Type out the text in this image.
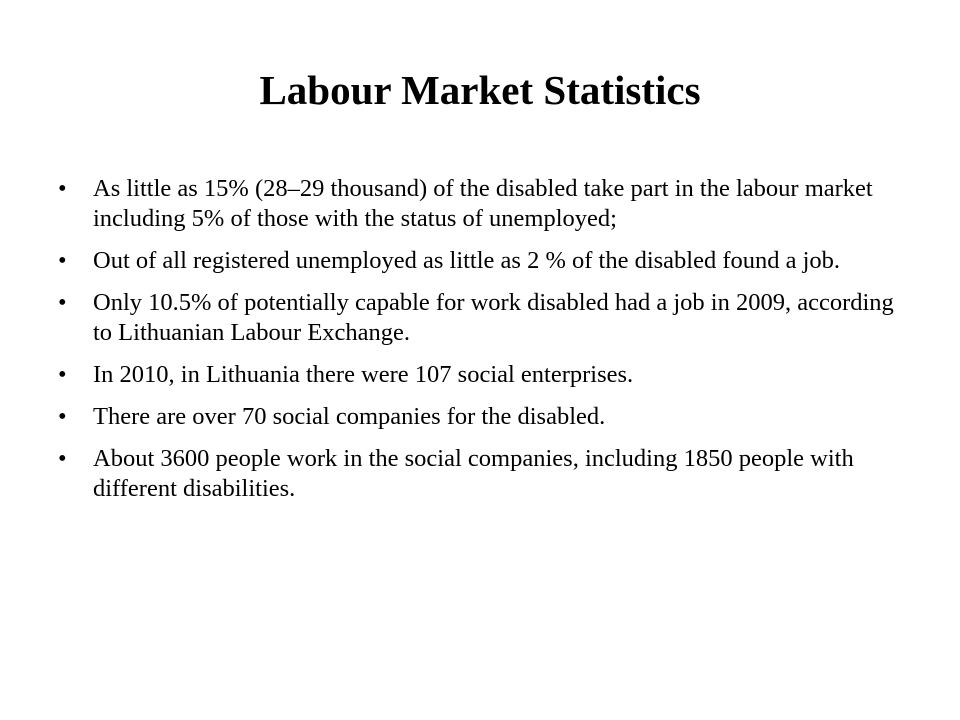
Labour Market Statistics
•	As little as 15% (28–29 thousand) of the disabled take part in the labour market including 5% of those with the status of unemployed;
•	Out of all registered unemployed as little as 2 % of the disabled found a job.
•	Only 10.5% of potentially capable for work disabled had a job in 2009, according to Lithuanian Labour Exchange.
•	In 2010, in Lithuania there were 107 social enterprises.
•	There are over 70 social companies for the disabled.
•	About 3600 people work in the social companies, including 1850 people with different disabilities.
